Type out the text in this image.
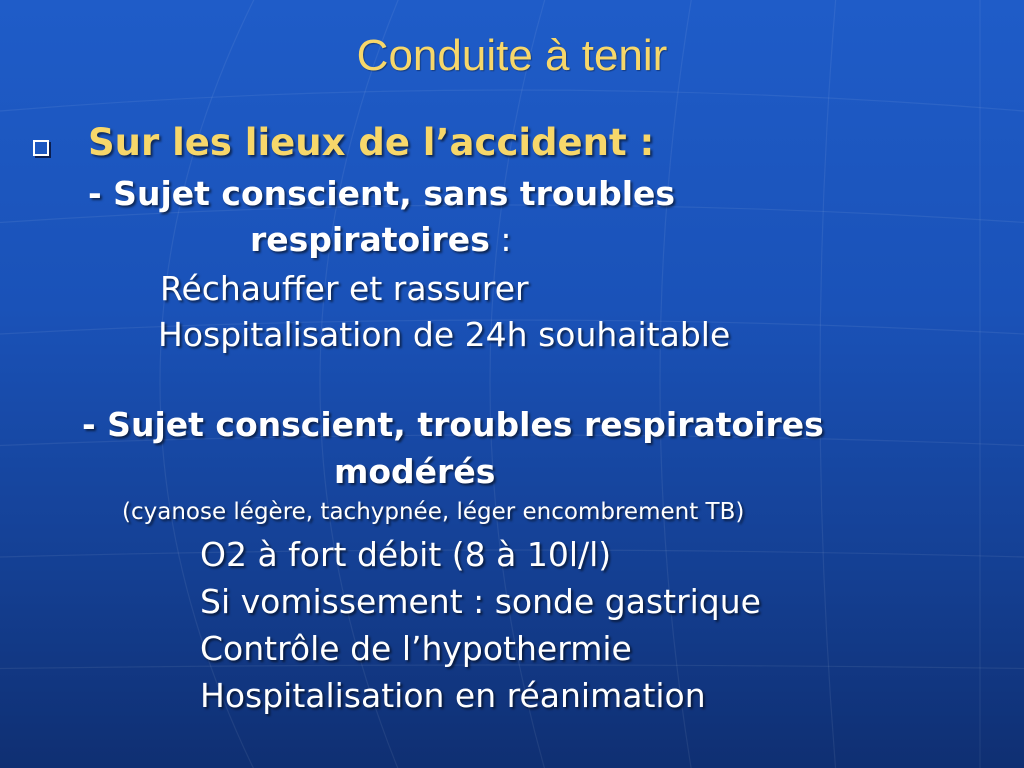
Conduite à tenir
Sur les lieux de l’accident :
- Sujet conscient, sans troubles
respiratoires :
Réchauffer et rassurer
Hospitalisation de 24h souhaitable
- Sujet conscient, troubles respiratoires
modérés
(cyanose légère, tachypnée, léger encombrement TB)
O2 à fort débit (8 à 10l/l)
Si vomissement : sonde gastrique
Contrôle de l’hypothermie
Hospitalisation en réanimation
